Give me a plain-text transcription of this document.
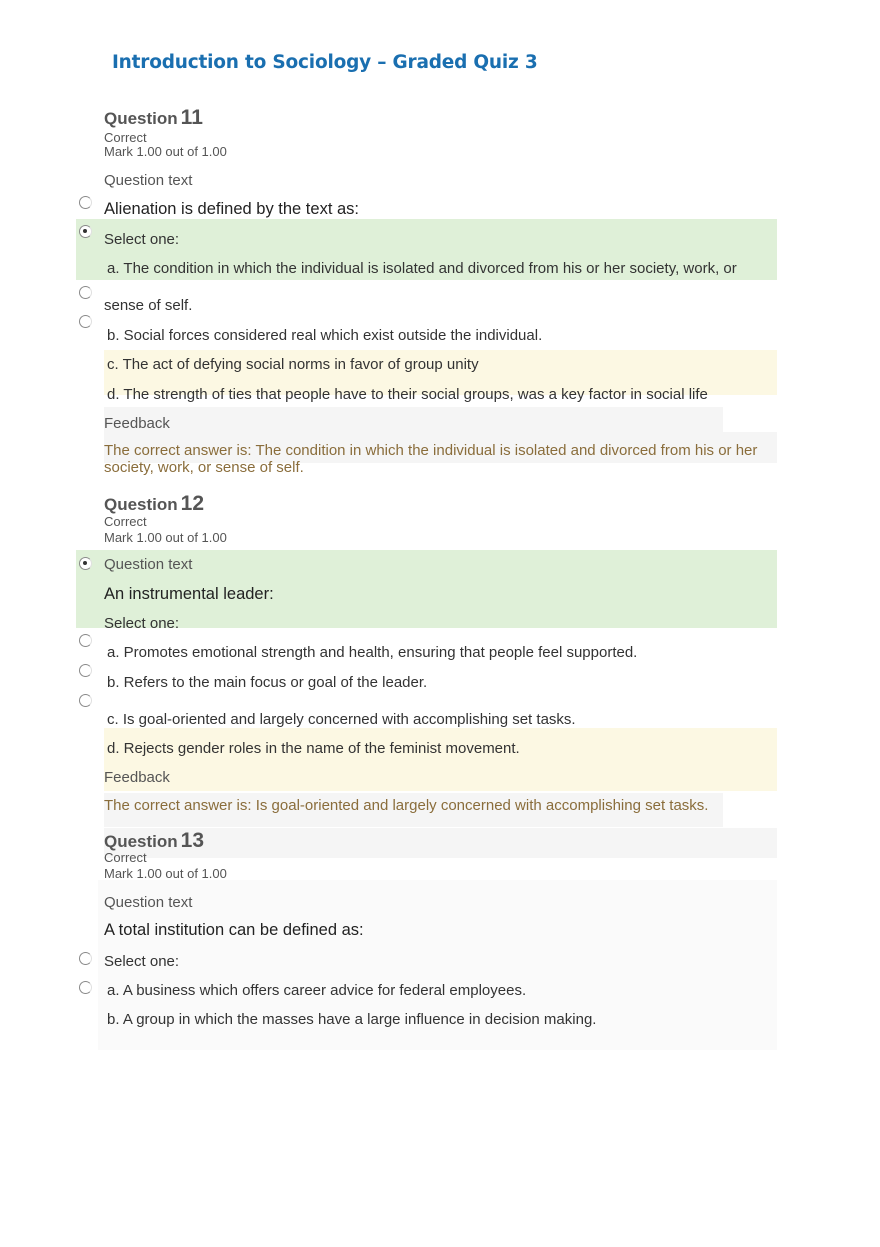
Introduction to Sociology – Graded Quiz 3
Question 11
Correct
Mark 1.00 out of 1.00
Question text
Alienation is defined by the text as:
Select one:
a. The condition in which the individual is isolated and divorced from his or her society, work, or
sense of self.
b. Social forces considered real which exist outside the individual.
c. The act of defying social norms in favor of group unity
d. The strength of ties that people have to their social groups, was a key factor in social life
Feedback
The correct answer is: The condition in which the individual is isolated and divorced from his or her
society, work, or sense of self.
Question 12
Correct
Mark 1.00 out of 1.00
Question text
An instrumental leader:
Select one:
a. Promotes emotional strength and health, ensuring that people feel supported.
b. Refers to the main focus or goal of the leader.
c. Is goal-oriented and largely concerned with accomplishing set tasks.
d. Rejects gender roles in the name of the feminist movement.
Feedback
The correct answer is: Is goal-oriented and largely concerned with accomplishing set tasks.
Question 13
Correct
Mark 1.00 out of 1.00
Question text
A total institution can be defined as:
Select one:
a. A business which offers career advice for federal employees.
b. A group in which the masses have a large influence in decision making.
